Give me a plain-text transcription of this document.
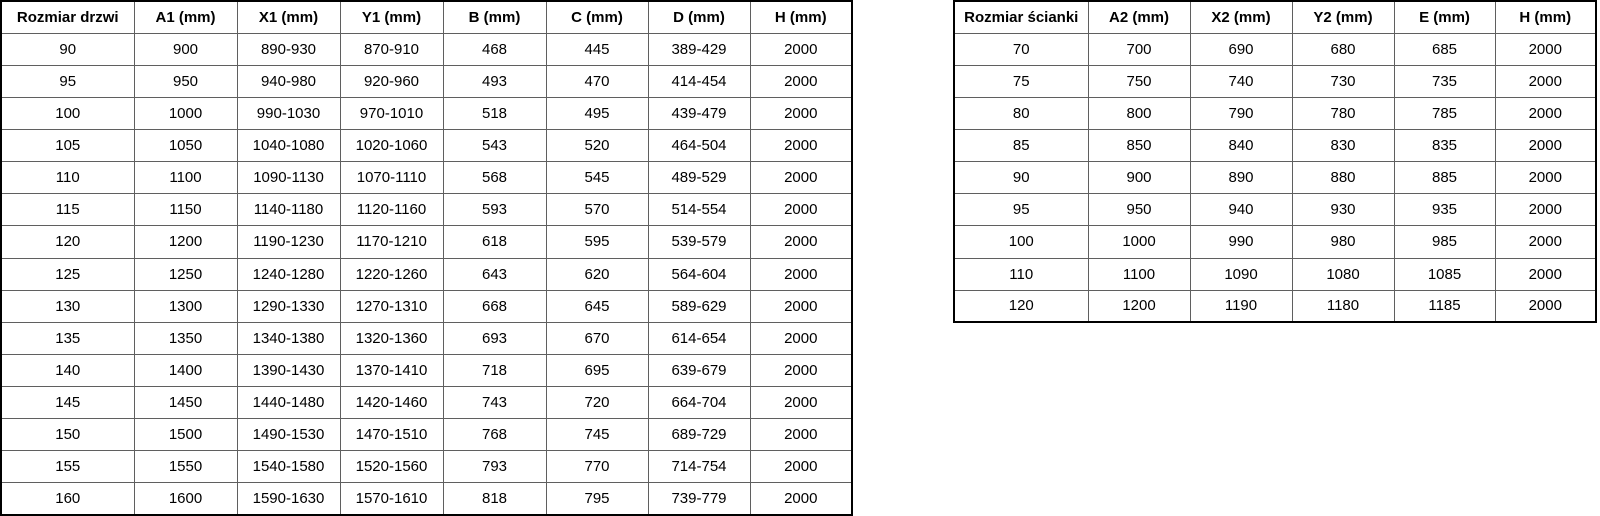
Rozmiar drzwi	A1 (mm)	X1 (mm)	Y1 (mm)	B (mm)	C (mm)	D (mm)	H (mm)
90	900	890-930	870-910	468	445	389-429	2000
95	950	940-980	920-960	493	470	414-454	2000
100	1000	990-1030	970-1010	518	495	439-479	2000
105	1050	1040-1080	1020-1060	543	520	464-504	2000
110	1100	1090-1130	1070-1110	568	545	489-529	2000
115	1150	1140-1180	1120-1160	593	570	514-554	2000
120	1200	1190-1230	1170-1210	618	595	539-579	2000
125	1250	1240-1280	1220-1260	643	620	564-604	2000
130	1300	1290-1330	1270-1310	668	645	589-629	2000
135	1350	1340-1380	1320-1360	693	670	614-654	2000
140	1400	1390-1430	1370-1410	718	695	639-679	2000
145	1450	1440-1480	1420-1460	743	720	664-704	2000
150	1500	1490-1530	1470-1510	768	745	689-729	2000
155	1550	1540-1580	1520-1560	793	770	714-754	2000
160	1600	1590-1630	1570-1610	818	795	739-779	2000
Rozmiar ścianki	A2 (mm)	X2 (mm)	Y2 (mm)	E (mm)	H (mm)
70	700	690	680	685	2000
75	750	740	730	735	2000
80	800	790	780	785	2000
85	850	840	830	835	2000
90	900	890	880	885	2000
95	950	940	930	935	2000
100	1000	990	980	985	2000
110	1100	1090	1080	1085	2000
120	1200	1190	1180	1185	2000
